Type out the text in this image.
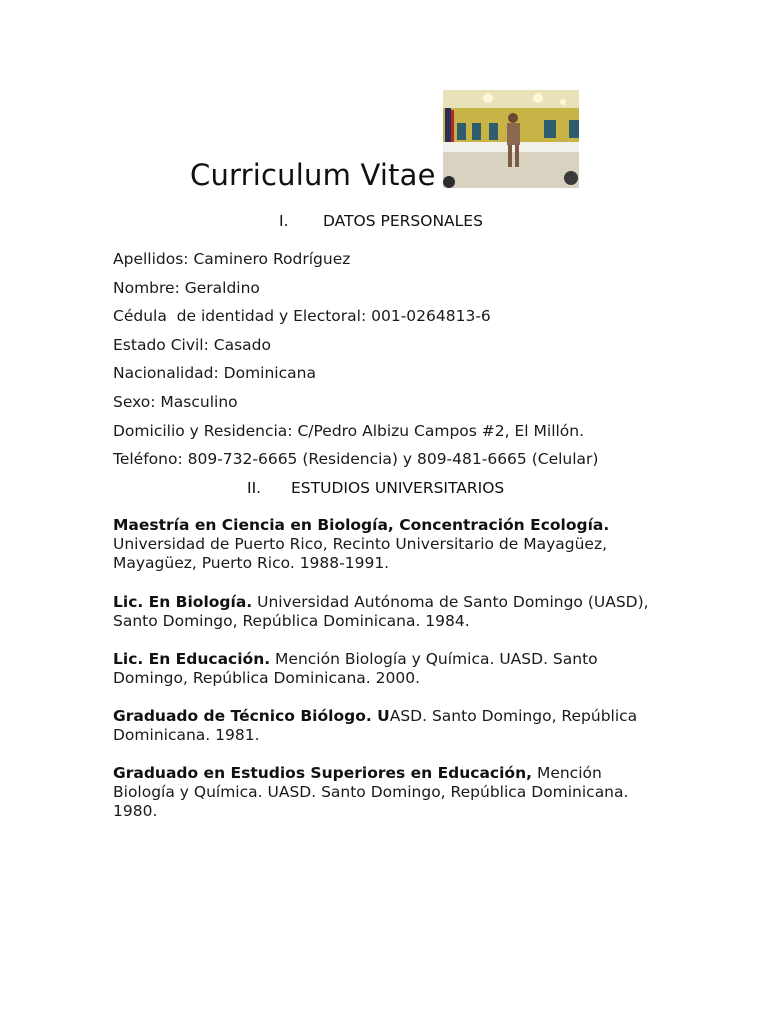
Curriculum Vitae
I. DATOS PERSONALES
Apellidos: Caminero Rodríguez
Nombre: Geraldino
Cédula  de identidad y Electoral: 001-0264813-6
Estado Civil: Casado
Nacionalidad: Dominicana
Sexo: Masculino
Domicilio y Residencia: C/Pedro Albizu Campos #2, El Millón.
Teléfono: 809-732-6665 (Residencia) y 809-481-6665 (Celular)
II. ESTUDIOS UNIVERSITARIOS
Maestría en Ciencia en Biología, Concentración Ecología. Universidad de Puerto Rico, Recinto Universitario de Mayagüez, Mayagüez, Puerto Rico. 1988-1991.
Lic. En Biología. Universidad Autónoma de Santo Domingo (UASD), Santo Domingo, República Dominicana. 1984.
Lic. En Educación. Mención Biología y Química. UASD. Santo Domingo, República Dominicana. 2000.
Graduado de Técnico Biólogo. UASD. Santo Domingo, República Dominicana. 1981.
Graduado en Estudios Superiores en Educación, Mención Biología y Química. UASD. Santo Domingo, República Dominicana. 1980.
